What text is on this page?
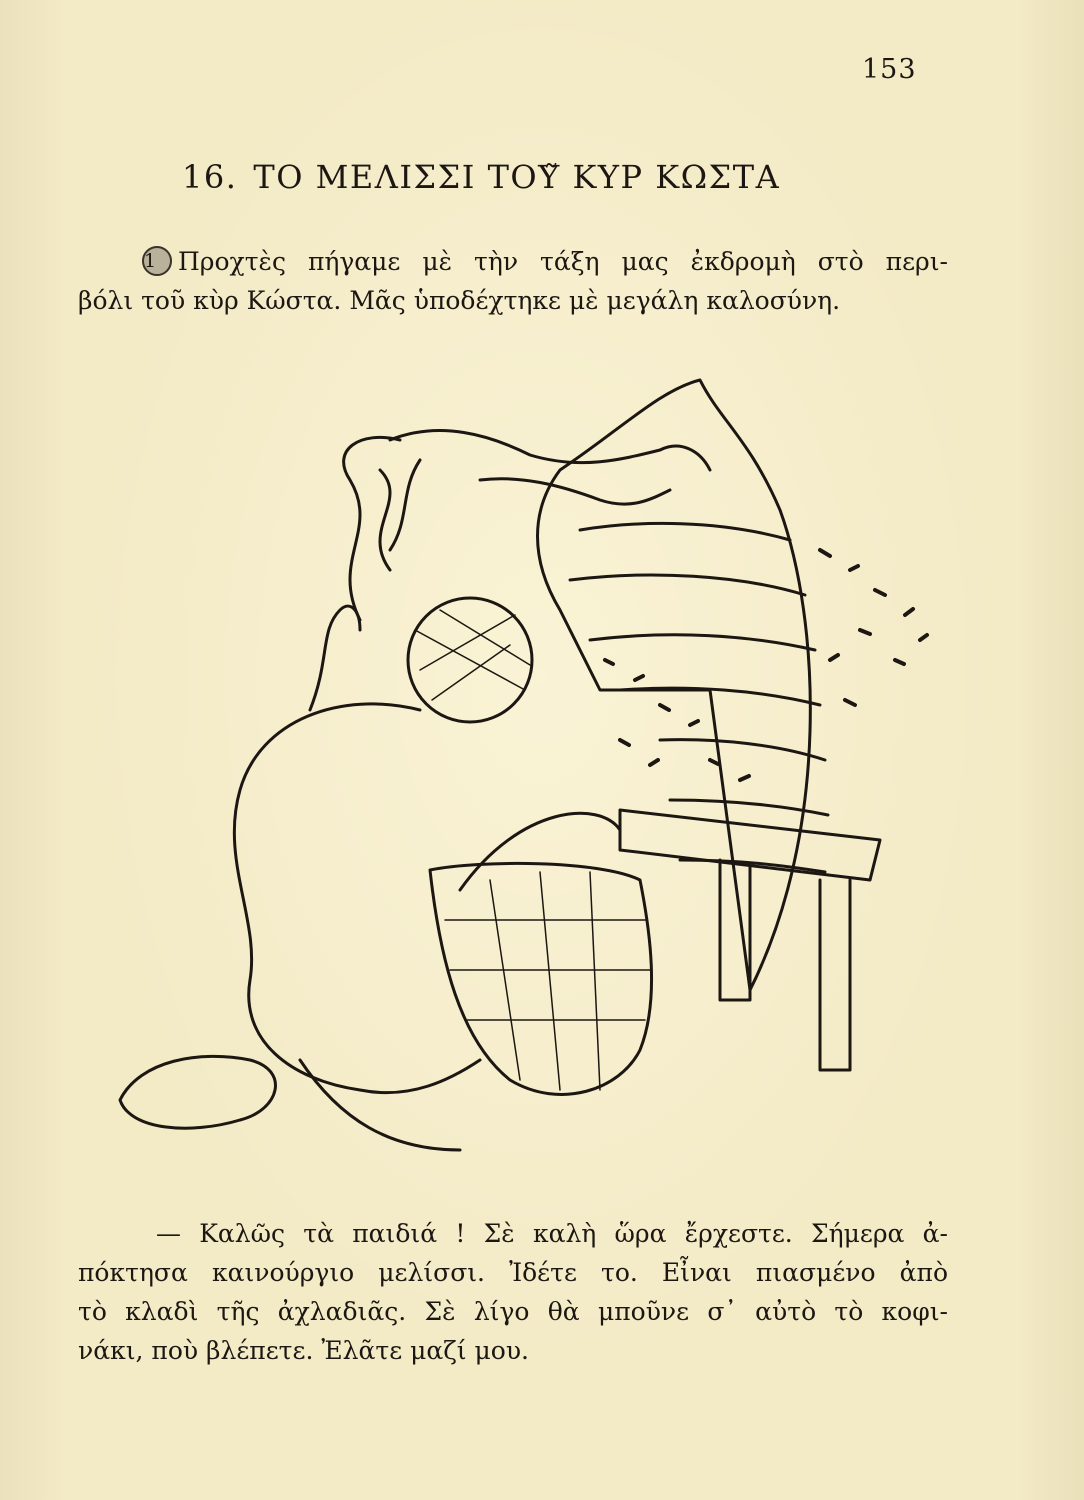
153
16. ΤΟ ΜΕΛΙΣΣΙ ΤΟΥ̃ ΚΥΡ ΚΩΣΤΑ
1 Προχτὲς πήγαμε μὲ τὴν τάξη μας ἐκδρομὴ στὸ περι-
βόλι τοῦ κὺρ Κώστα. Μᾶς ὑποδέχτηκε μὲ μεγάλη καλοσύνη.
— Καλῶς τὰ παιδιά ! Σὲ καλὴ ὥρα ἔρχεστε. Σήμερα ἀ-
πόκτησα καινούργιο μελίσσι. Ἰδέτε το. Εἶναι πιασμένο ἀπὸ
τὸ κλαδὶ τῆς ἀχλαδιᾶς. Σὲ λίγο θὰ μποῦνε σ᾿ αὐτὸ τὸ κοφι-
νάκι, ποὺ βλέπετε. Ἐλᾶτε μαζί μου.
